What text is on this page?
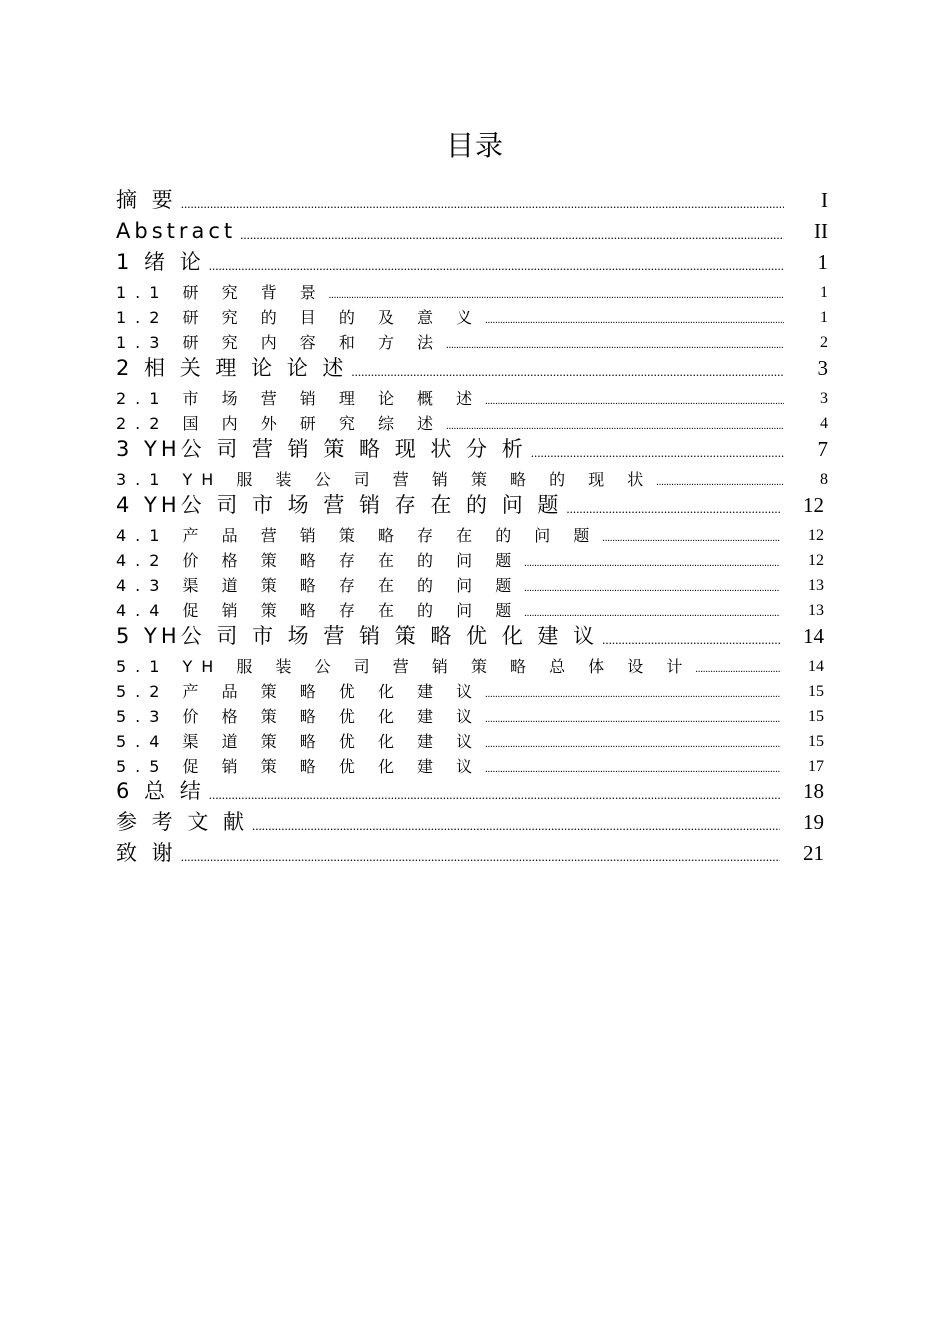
目录
摘 要 .....	I
Abstract .....	II
1 绪 论 .....	1
1.1 研 究 背 景 .....	1
1.2 研 究 的 目 的 及 意 义 .....	1
1.3 研 究 内 容 和 方 法 .....	2
2 相 关 理 论 论 述 .....	3
2.1 市 场 营 销 理 论 概 述 .....	3
2.2 国 内 外 研 究 综 述 .....	4
3 YH公 司 营 销 策 略 现 状 分 析 .....	7
3.1 YH 服 装 公 司 营 销 策 略 的 现 状 .....	8
4 YH公 司 市 场 营 销 存 在 的 问 题 .....	12
4.1 产 品 营 销 策 略 存 在 的 问 题 .....	12
4.2 价 格 策 略 存 在 的 问 题 .....	12
4.3 渠 道 策 略 存 在 的 问 题 .....	13
4.4 促 销 策 略 存 在 的 问 题 .....	13
5 YH公 司 市 场 营 销 策 略 优 化 建 议 .....	14
5.1 YH 服 装 公 司 营 销 策 略 总 体 设 计 .....	14
5.2 产 品 策 略 优 化 建 议 .....	15
5.3 价 格 策 略 优 化 建 议 .....	15
5.4 渠 道 策 略 优 化 建 议 .....	15
5.5 促 销 策 略 优 化 建 议 .....	17
6 总 结 .....	18
参 考 文 献 .....	19
致 谢 .....	21
